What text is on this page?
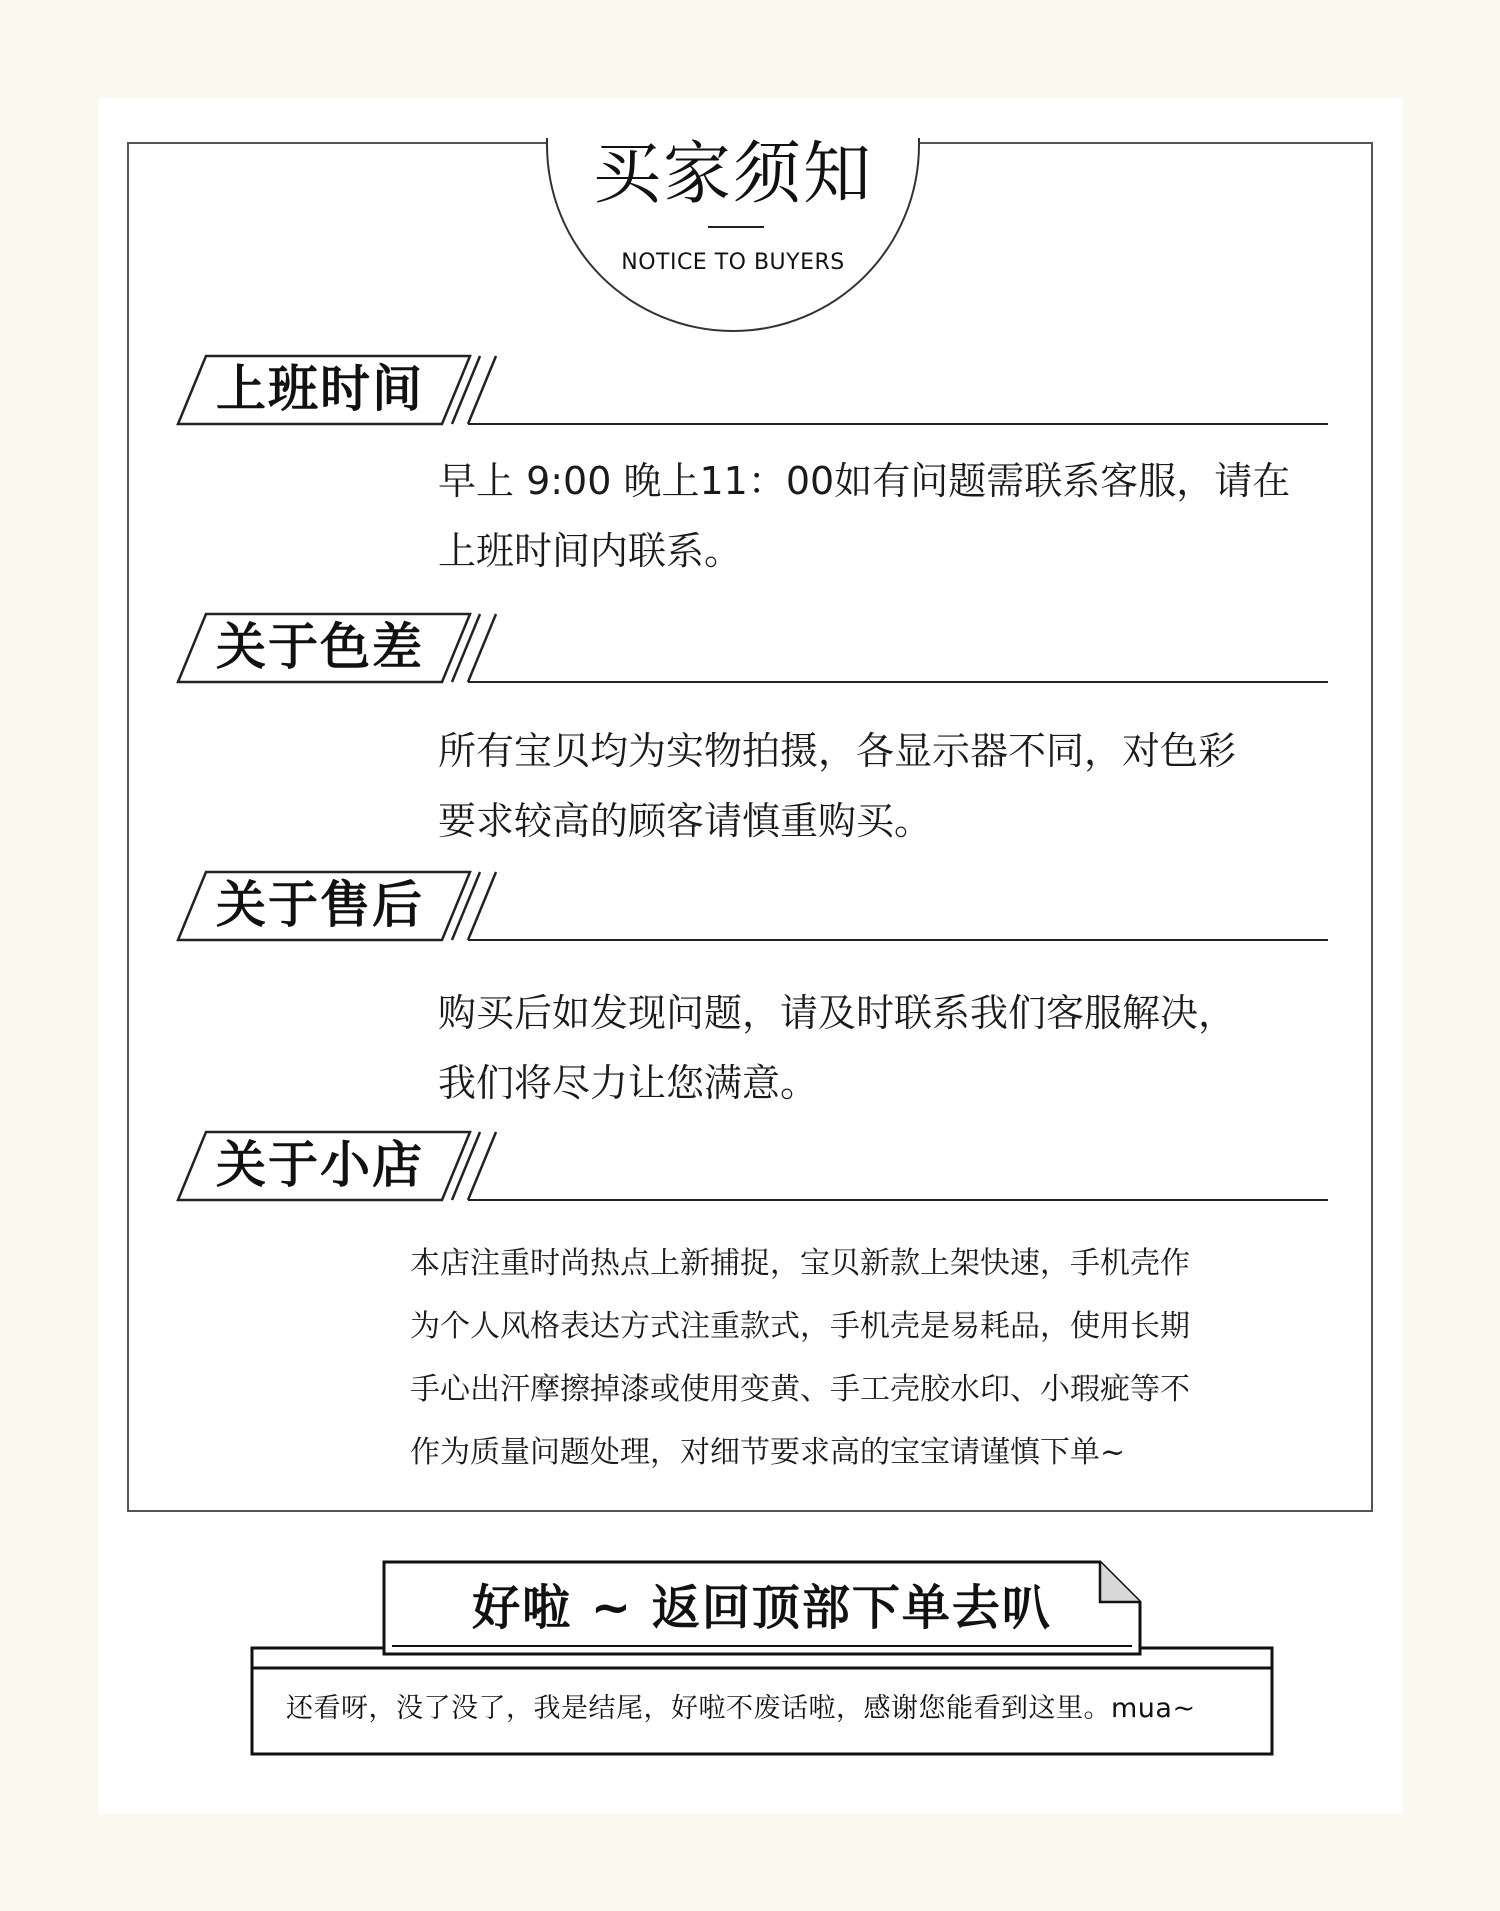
买家须知
NOTICE TO BUYERS
上班时间
早上 9:00 晚上11：00如有问题需联系客服，请在
上班时间内联系。
关于色差
所有宝贝均为实物拍摄，各显示器不同，对色彩
要求较高的顾客请慎重购买。
关于售后
购买后如发现问题，请及时联系我们客服解决，
我们将尽力让您满意。
关于小店
本店注重时尚热点上新捕捉，宝贝新款上架快速，手机壳作
为个人风格表达方式注重款式，手机壳是易耗品，使用长期
手心出汗摩擦掉漆或使用变黄、手工壳胶水印、小瑕疵等不
作为质量问题处理，对细节要求高的宝宝请谨慎下单~
还看呀，没了没了，我是结尾，好啦不废话啦，感谢您能看到这里。mua~
好啦 ~ 返回顶部下单去叭
